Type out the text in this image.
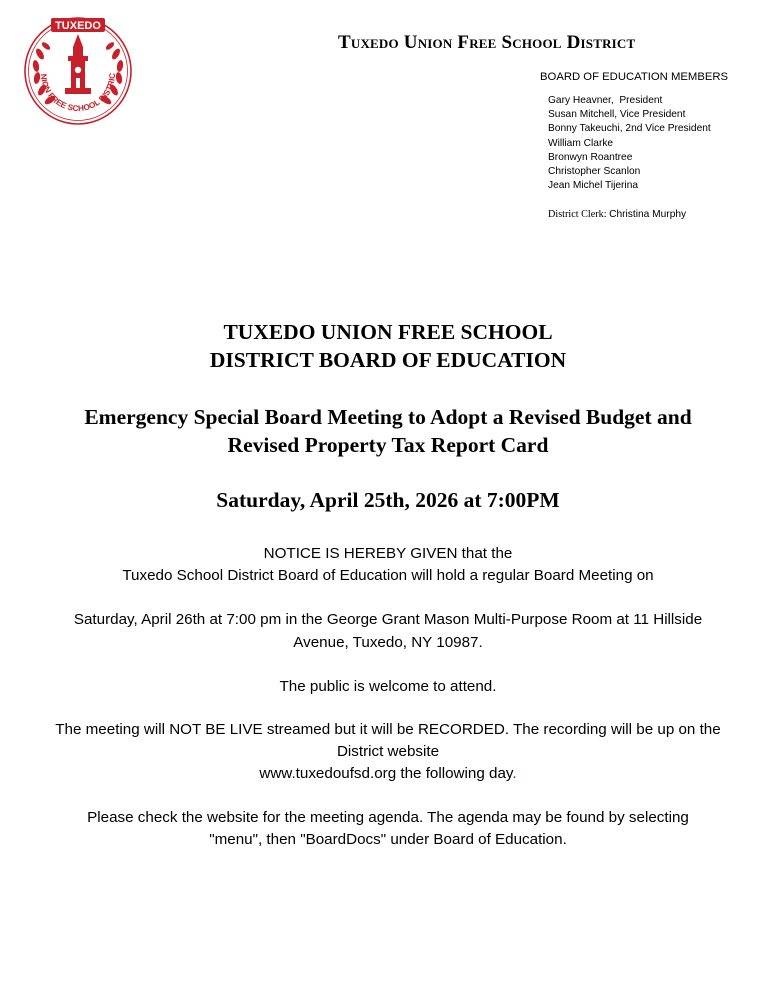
TUXEDO
NION FREE SCHOOL DISTRIC
Tuxedo Union Free School District
BOARD OF EDUCATION MEMBERS
Gary Heavner,  President
Susan Mitchell, Vice President
Bonny Takeuchi, 2nd Vice President
William Clarke
Bronwyn Roantree
Christopher Scanlon
Jean Michel Tijerina
District Clerk: Christina Murphy
TUXEDO UNION FREE SCHOOL
DISTRICT BOARD OF EDUCATION
Emergency Special Board Meeting to Adopt a Revised Budget and
Revised Property Tax Report Card
Saturday, April 25th, 2026 at 7:00PM
NOTICE IS HEREBY GIVEN that the
Tuxedo School District Board of Education will hold a regular Board Meeting on
Saturday, April 26th at 7:00 pm in the George Grant Mason Multi-Purpose Room at 11 Hillside
Avenue, Tuxedo, NY 10987.
The public is welcome to attend.
The meeting will NOT BE LIVE streamed but it will be RECORDED. The recording will be up on the
District website
www.tuxedoufsd.org the following day.
Please check the website for the meeting agenda. The agenda may be found by selecting
"menu", then "BoardDocs" under Board of Education.
